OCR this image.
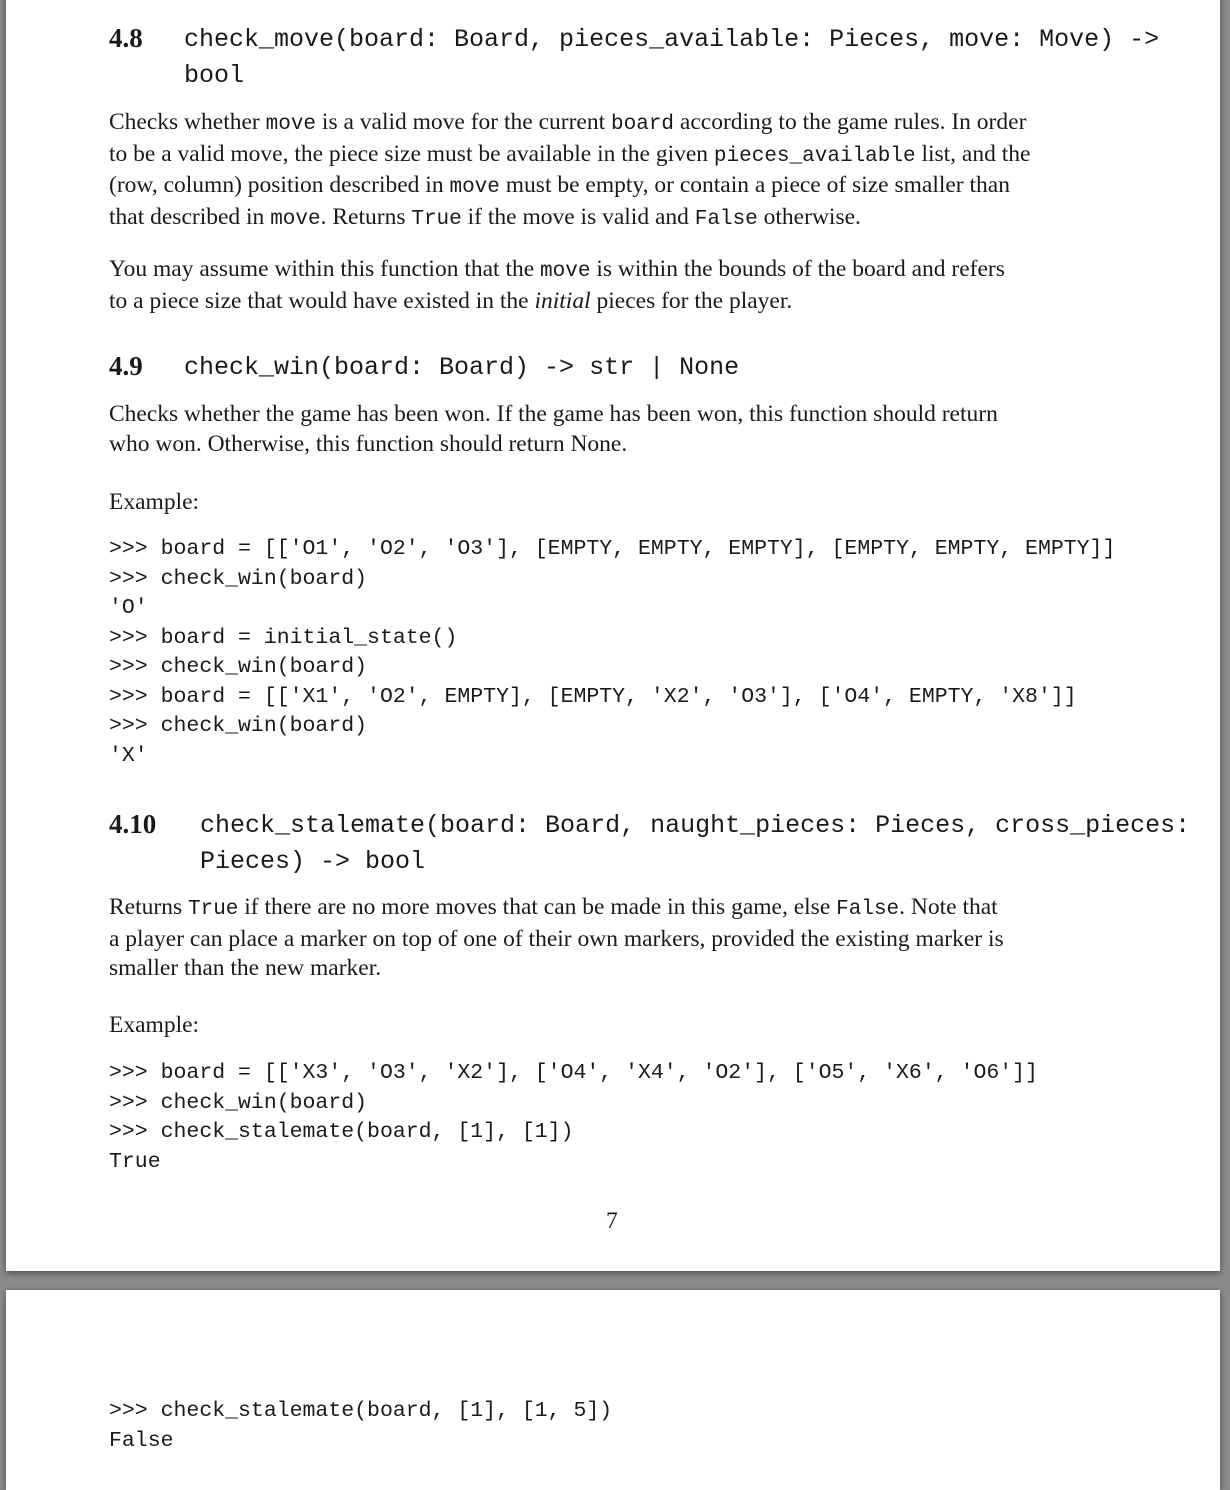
4.8 check_move(board: Board, pieces_available: Pieces, move: Move) ->
bool
Checks whether move is a valid move for the current board according to the game rules. In order
to be a valid move, the piece size must be available in the given pieces_available list, and the
(row, column) position described in move must be empty, or contain a piece of size smaller than
that described in move. Returns True if the move is valid and False otherwise.
You may assume within this function that the move is within the bounds of the board and refers
to a piece size that would have existed in the initial pieces for the player.
4.9 check_win(board: Board) -> str | None
Checks whether the game has been won. If the game has been won, this function should return
who won. Otherwise, this function should return None.
Example:
>>> board = [['O1', 'O2', 'O3'], [EMPTY, EMPTY, EMPTY], [EMPTY, EMPTY, EMPTY]]
>>> check_win(board)
'O'
>>> board = initial_state()
>>> check_win(board)
>>> board = [['X1', 'O2', EMPTY], [EMPTY, 'X2', 'O3'], ['O4', EMPTY, 'X8']]
>>> check_win(board)
'X'
4.10 check_stalemate(board: Board, naught_pieces: Pieces, cross_pieces:
Pieces) -> bool
Returns True if there are no more moves that can be made in this game, else False. Note that
a player can place a marker on top of one of their own markers, provided the existing marker is
smaller than the new marker.
Example:
>>> board = [['X3', 'O3', 'X2'], ['O4', 'X4', 'O2'], ['O5', 'X6', 'O6']]
>>> check_win(board)
>>> check_stalemate(board, [1], [1])
True
7
>>> check_stalemate(board, [1], [1, 5])
False
